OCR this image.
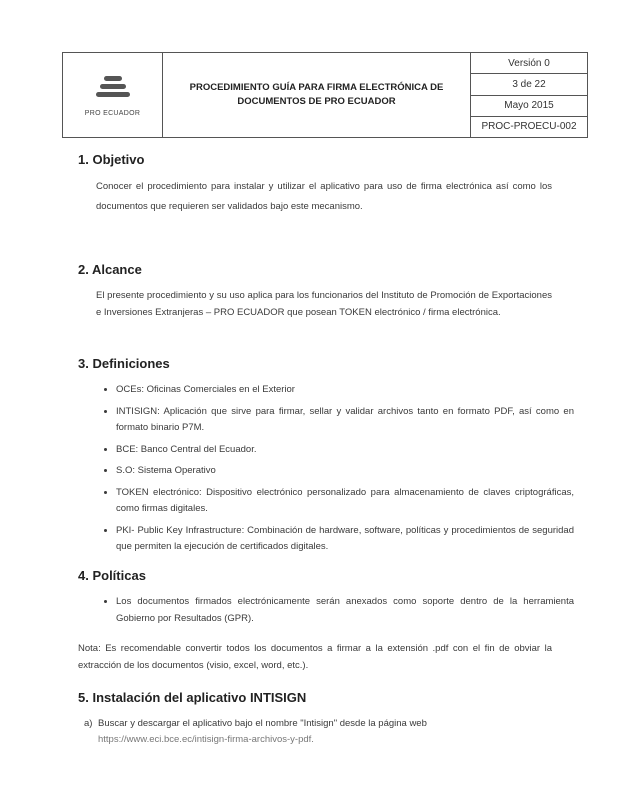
PRO ECUADOR
PROCEDIMIENTO GUÍA PARA FIRMA ELECTRÓNICA DE DOCUMENTOS DE PRO ECUADOR
Versión 0
3 de 22
Mayo 2015
PROC-PROECU-002
1. Objetivo

Conocer el procedimiento para instalar y utilizar el aplicativo para uso de firma electrónica así como los documentos que requieren ser validados bajo este mecanismo.

2. Alcance

El presente procedimiento y su uso aplica para los funcionarios del Instituto de Promoción de Exportaciones e Inversiones Extranjeras – PRO ECUADOR que posean TOKEN electrónico / firma electrónica.

3. Definiciones
• OCEs: Oficinas Comerciales en el Exterior
• INTISIGN: Aplicación que sirve para firmar, sellar y validar archivos tanto en formato PDF, así como en formato binario P7M.
• BCE: Banco Central del Ecuador.
• S.O: Sistema Operativo
• TOKEN electrónico: Dispositivo electrónico personalizado para almacenamiento de claves criptográficas, como firmas digitales.
• PKI- Public Key Infrastructure: Combinación de hardware, software, políticas y procedimientos de seguridad que permiten la ejecución de certificados digitales.
4. Políticas
• Los documentos firmados electrónicamente serán anexados como soporte dentro de la herramienta Gobierno por Resultados (GPR).

Nota: Es recomendable convertir todos los documentos a firmar a la extensión .pdf con el fin de obviar la extracción de los documentos (visio, excel, word, etc.).

5. Instalación del aplicativo INTISIGN
a) Buscar y descargar el aplicativo bajo el nombre "Intisign" desde la página web
https://www.eci.bce.ec/intisign-firma-archivos-y-pdf.
